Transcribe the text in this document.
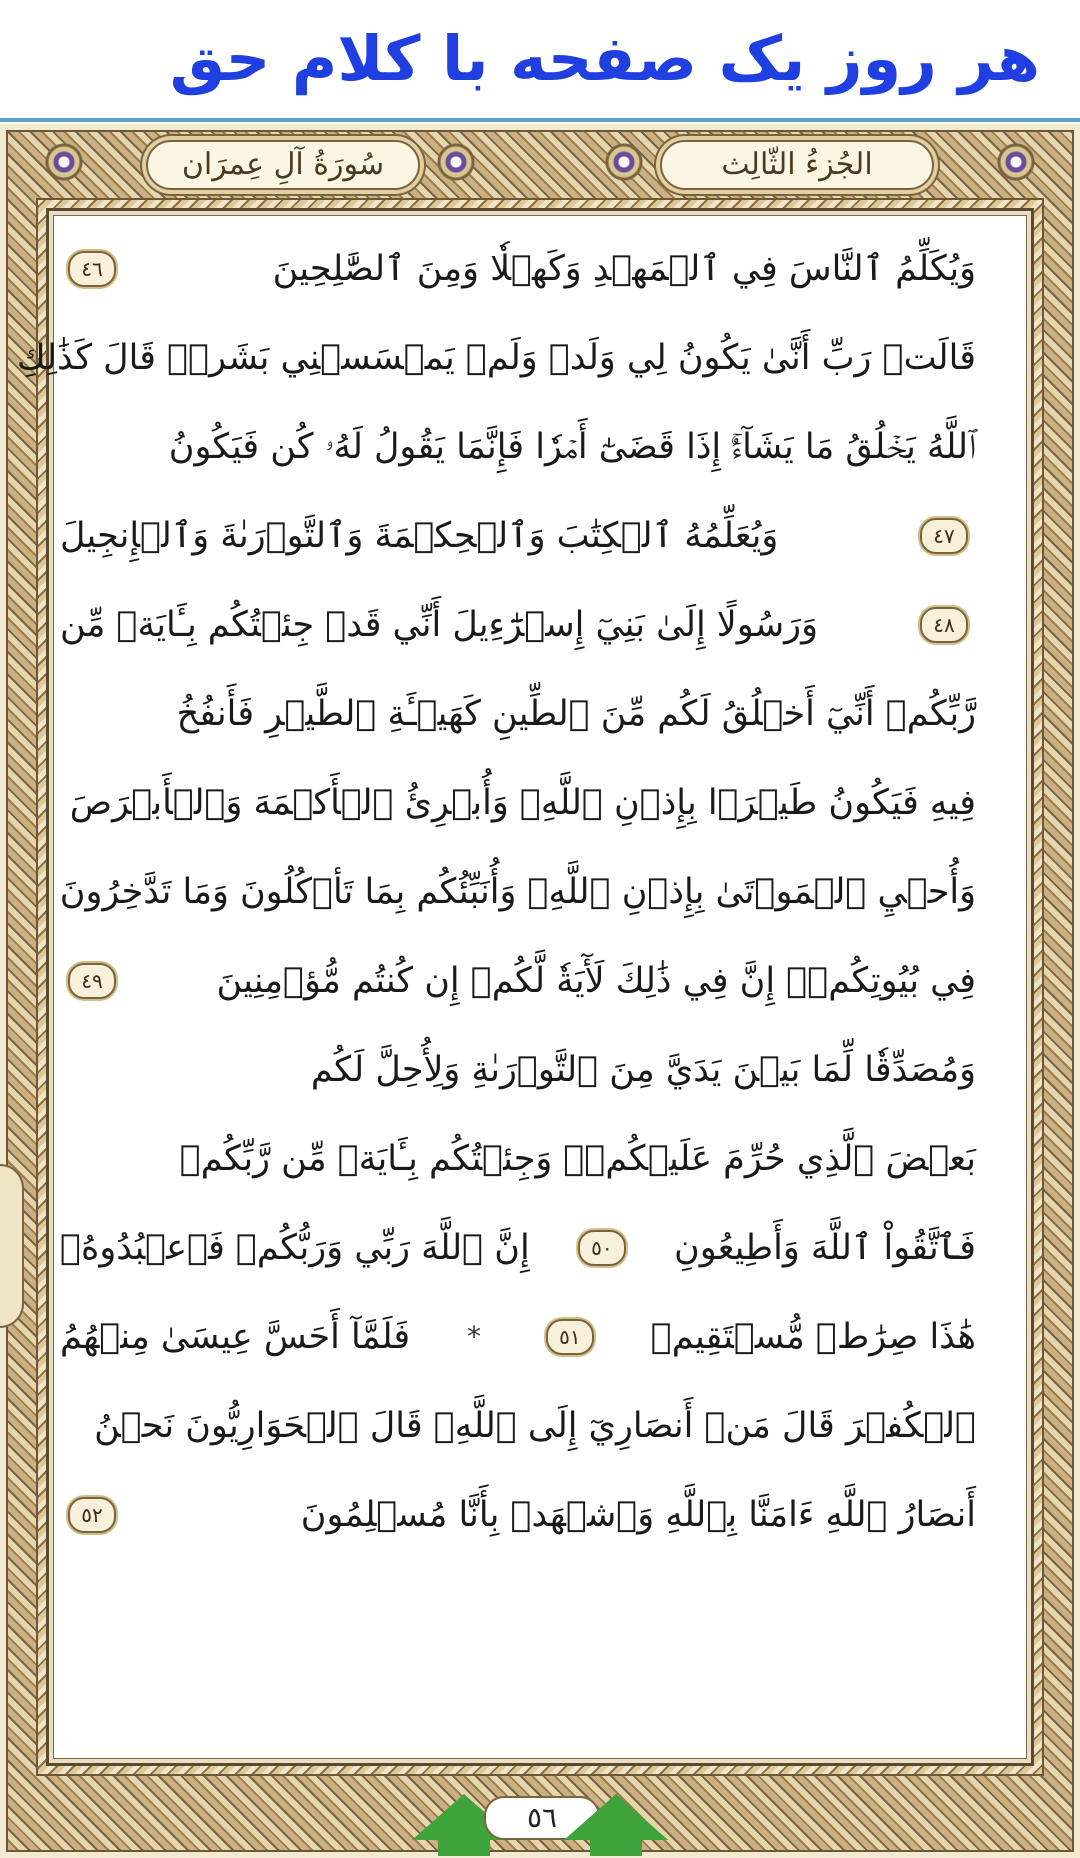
هر روز یک صفحه با کلام حق
الجُزءُ الثّالِث
سُورَةُ آلِ عِمرَان
وَيُكَلِّمُ ٱلنَّاسَ فِي ٱلۡمَهۡدِ وَكَهۡلٗا وَمِنَ ٱلصَّٰلِحِينَ
٤٦
قَالَتۡ رَبِّ أَنَّىٰ يَكُونُ لِي وَلَدٞ وَلَمۡ يَمۡسَسۡنِي بَشَرٞۖ قَالَ كَذَٰلِكِ
ٱللَّهُ يَخۡلُقُ مَا يَشَآءُۚ إِذَا قَضَىٰٓ أَمۡرٗا فَإِنَّمَا يَقُولُ لَهُۥ كُن فَيَكُونُ
٤٧
وَيُعَلِّمُهُ ٱلۡكِتَٰبَ وَٱلۡحِكۡمَةَ وَٱلتَّوۡرَىٰةَ وَٱلۡإِنجِيلَ
٤٨
وَرَسُولًا إِلَىٰ بَنِيٓ إِسۡرَٰٓءِيلَ أَنِّي قَدۡ جِئۡتُكُم بِـَٔايَةٖ مِّن
رَّبِّكُمۡ أَنِّيٓ أَخۡلُقُ لَكُم مِّنَ ٱلطِّينِ كَهَيۡـَٔةِ ٱلطَّيۡرِ فَأَنفُخُ
فِيهِ فَيَكُونُ طَيۡرَۢا بِإِذۡنِ ٱللَّهِۖ وَأُبۡرِئُ ٱلۡأَكۡمَهَ وَٱلۡأَبۡرَصَ
وَأُحۡيِ ٱلۡمَوۡتَىٰ بِإِذۡنِ ٱللَّهِۖ وَأُنَبِّئُكُم بِمَا تَأۡكُلُونَ وَمَا تَدَّخِرُونَ
فِي بُيُوتِكُمۡۚ إِنَّ فِي ذَٰلِكَ لَأٓيَةٗ لَّكُمۡ إِن كُنتُم مُّؤۡمِنِينَ
٤٩
وَمُصَدِّقٗا لِّمَا بَيۡنَ يَدَيَّ مِنَ ٱلتَّوۡرَىٰةِ وَلِأُحِلَّ لَكُم
بَعۡضَ ٱلَّذِي حُرِّمَ عَلَيۡكُمۡۚ وَجِئۡتُكُم بِـَٔايَةٖ مِّن رَّبِّكُمۡ
فَٱتَّقُواْ ٱللَّهَ وَأَطِيعُونِ
٥٠
إِنَّ ٱللَّهَ رَبِّي وَرَبُّكُمۡ فَٱعۡبُدُوهُۚ
هَٰذَا صِرَٰطٞ مُّسۡتَقِيمٞ
٥١
*
فَلَمَّآ أَحَسَّ عِيسَىٰ مِنۡهُمُ
ٱلۡكُفۡرَ قَالَ مَنۡ أَنصَارِيٓ إِلَى ٱللَّهِۖ قَالَ ٱلۡحَوَارِيُّونَ نَحۡنُ
أَنصَارُ ٱللَّهِ ءَامَنَّا بِٱللَّهِ وَٱشۡهَدۡ بِأَنَّا مُسۡلِمُونَ
٥٢
٥٦
